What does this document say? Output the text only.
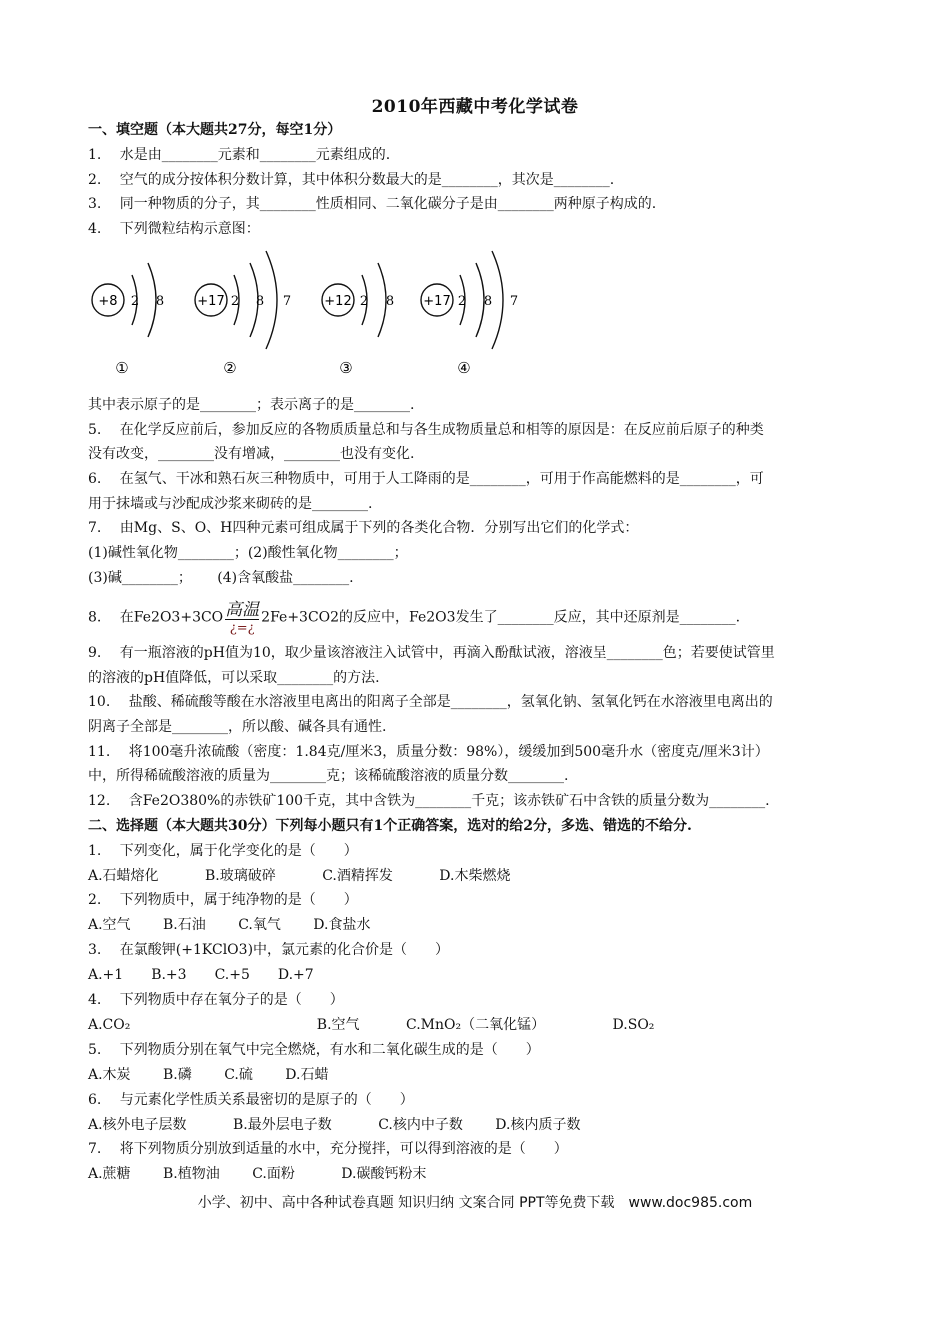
2010年西藏中考化学试卷
一、填空题（本大题共27分，每空1分）
1.　 水是由________元素和________元素组成的.
2.　 空气的成分按体积分数计算，其中体积分数最大的是________，其次是________.
3.　 同一种物质的分子，其________性质相同、二氧化碳分子是由________两种原子构成的.
4.　 下列微粒结构示意图：
+8 2 8
①
+17 2 8 7
②
+12 2 8
③
+17 2 8 7
④
其中表示原子的是________；表示离子的是________.
5.　 在化学反应前后，参加反应的各物质质量总和与各生成物质量总和相等的原因是：在反应前后原子的种类
没有改变，________没有增减，________也没有变化.
6.　 在氢气、干冰和熟石灰三种物质中，可用于人工降雨的是________，可用于作高能燃料的是________，可
用于抹墙或与沙配成沙浆来砌砖的是________.
7.　 由Mg、S、O、H四种元素可组成属于下列的各类化合物．分别写出它们的化学式：
(1)碱性氧化物________；(2)酸性氧化物________；
(3)碱________；　　 (4)含氧酸盐________.
8.　 在Fe2O3+3CO 高温
¿=¿
2Fe+3CO2的反应中，Fe2O3发生了________反应，其中还原剂是________.
9.　 有一瓶溶液的pH值为10，取少量该溶液注入试管中，再滴入酚酞试液，溶液呈________色；若要使试管里
的溶液的pH值降低，可以采取________的方法.
10.　 盐酸、稀硫酸等酸在水溶液里电离出的阳离子全部是________，氢氧化钠、氢氧化钙在水溶液里电离出的
阴离子全部是________，所以酸、碱各具有通性.
11.　 将100毫升浓硫酸（密度：1.84克/厘米3，质量分数：98%），缓缓加到500毫升水（密度克/厘米3计）
中，所得稀硫酸溶液的质量为________克；该稀硫酸溶液的质量分数________.
12.　 含Fe2O380%的赤铁矿100千克，其中含铁为________千克；该赤铁矿石中含铁的质量分数为________.
二、选择题（本大题共30分）下列每小题只有1个正确答案，选对的给2分，多选、错选的不给分.
1.　 下列变化，属于化学变化的是（　　）
A.石蜡熔化　　　 B.玻璃破碎　　　 C.酒精挥发　　　 D.木柴燃烧
2.　 下列物质中，属于纯净物的是（　　）
A.空气　　 B.石油　　 C.氧气　　 D.食盐水
3.　 在氯酸钾(+1KClO3)中，氯元素的化合价是（　　）
A.+1　　B.+3　　C.+5　　D.+7
4.　 下列物质中存在氧分子的是（　　）
A.CO₂　　　　　　　　　　　　　 B.空气　　　 C.MnO₂（二氧化锰）　　　　　 D.SO₂
5.　 下列物质分别在氧气中完全燃烧，有水和二氧化碳生成的是（　　）
A.木炭　　 B.磷　　 C.硫　　 D.石蜡
6.　 与元素化学性质关系最密切的是原子的（　　）
A.核外电子层数　　　 B.最外层电子数　　　 C.核内中子数　　 D.核内质子数
7.　 将下列物质分别放到适量的水中，充分搅拌，可以得到溶液的是（　　）
A.蔗糖　　 B.植物油　　 C.面粉　　　 D.碳酸钙粉末
小学、初中、高中各种试卷真题 知识归纳 文案合同 PPT等免费下载 www.doc985.com
